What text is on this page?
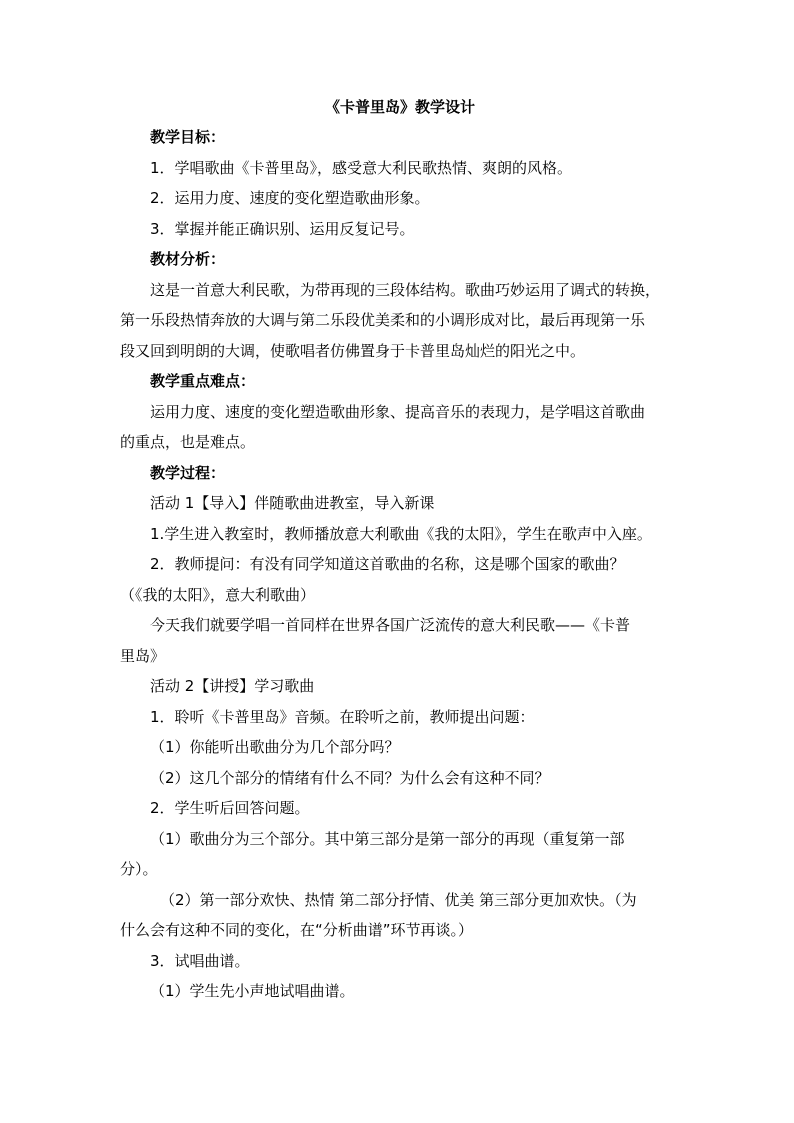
《卡普里岛》教学设计

教学目标：

1．学唱歌曲《卡普里岛》，感受意大利民歌热情、爽朗的风格。

2．运用力度、速度的变化塑造歌曲形象。

3．掌握并能正确识别、运用反复记号。

教材分析：

这是一首意大利民歌，为带再现的三段体结构。歌曲巧妙运用了调式的转换，
第一乐段热情奔放的大调与第二乐段优美柔和的小调形成对比，最后再现第一乐
段又回到明朗的大调，使歌唱者仿佛置身于卡普里岛灿烂的阳光之中。

教学重点难点：

运用力度、速度的变化塑造歌曲形象、提高音乐的表现力，是学唱这首歌曲
的重点，也是难点。

教学过程：

活动 1【导入】伴随歌曲进教室，导入新课

1.学生进入教室时，教师播放意大利歌曲《我的太阳》，学生在歌声中入座。

2．教师提问：有没有同学知道这首歌曲的名称，这是哪个国家的歌曲？

（《我的太阳》，意大利歌曲）

今天我们就要学唱一首同样在世界各国广泛流传的意大利民歌——《卡普
里岛》

活动 2【讲授】学习歌曲

1．聆听《卡普里岛》音频。在聆听之前，教师提出问题：

（1）你能听出歌曲分为几个部分吗？

（2）这几个部分的情绪有什么不同？为什么会有这种不同？

2．学生听后回答问题。

（1）歌曲分为三个部分。其中第三部分是第一部分的再现（重复第一部
分）。

（2）第一部分欢快、热情 第二部分抒情、优美 第三部分更加欢快。（为
什么会有这种不同的变化，在“分析曲谱”环节再谈。）

3．试唱曲谱。

（1）学生先小声地试唱曲谱。
